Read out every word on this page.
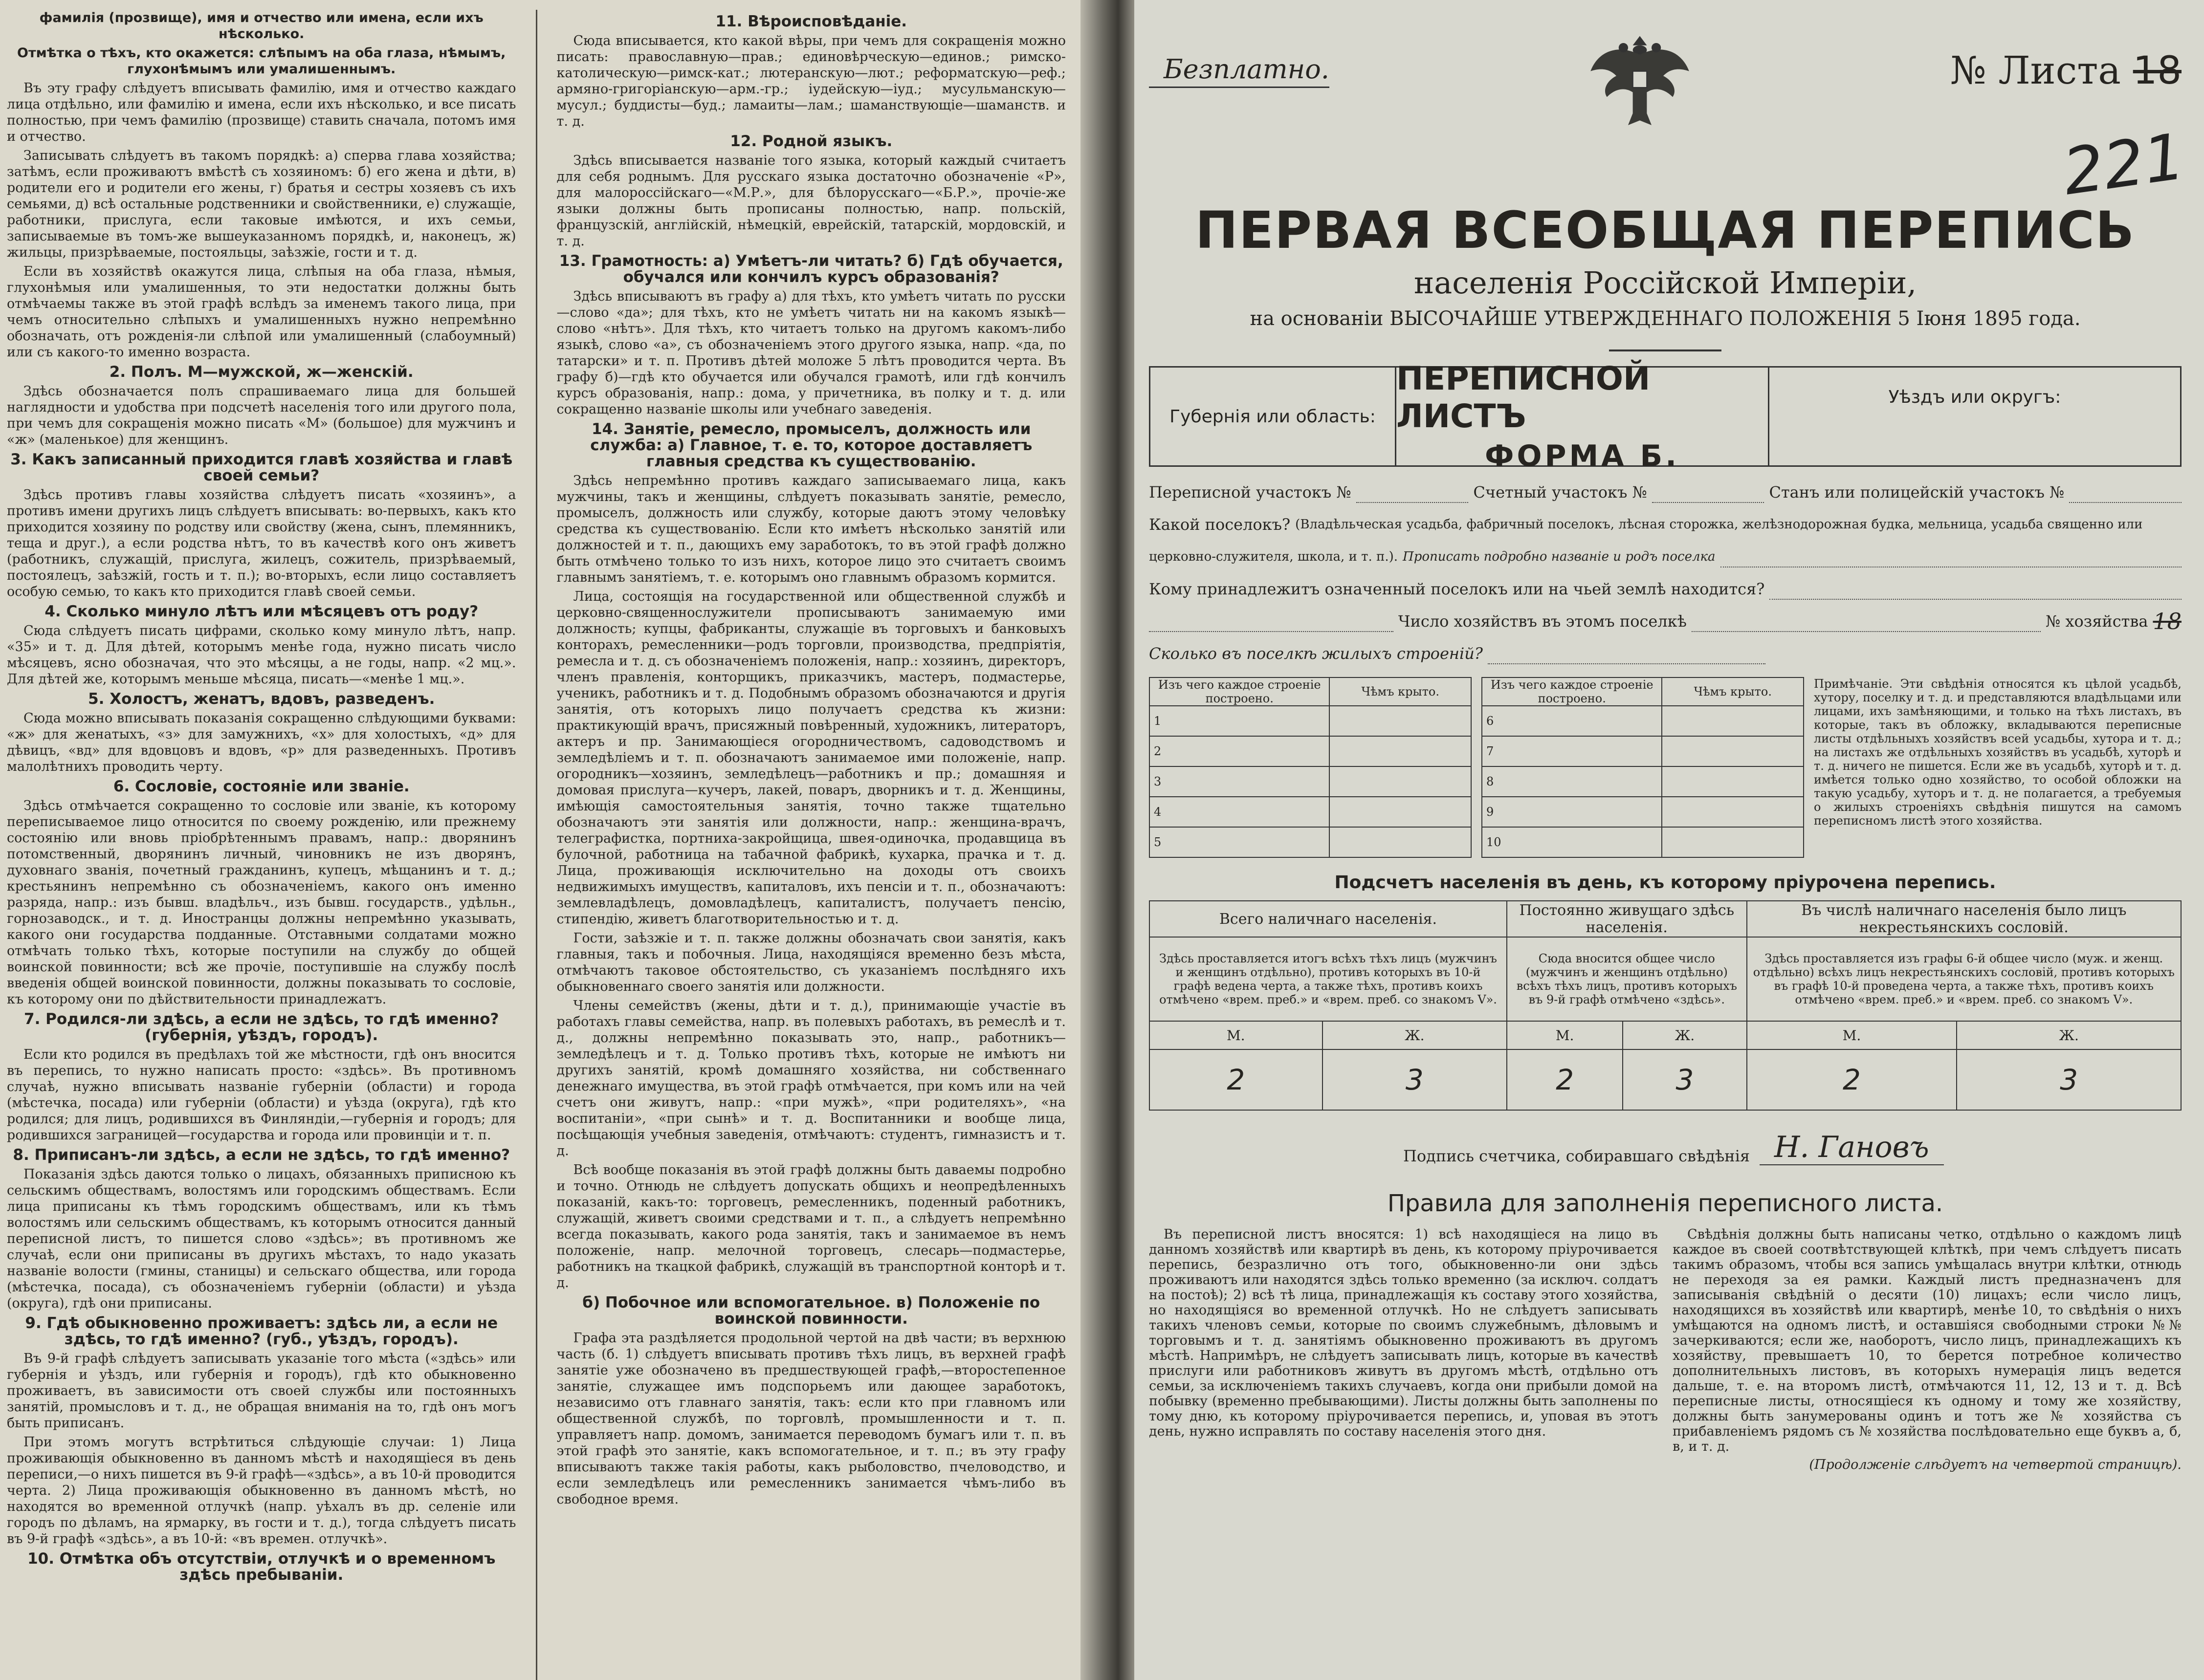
фамилія (прозвище), имя и отчество или имена, если ихъ нѣсколько.

Отмѣтка о тѣхъ, кто окажется: слѣпымъ на оба глаза, нѣмымъ, глухонѣмымъ или умалишеннымъ.

Въ эту графу слѣдуетъ вписывать фамилію, имя и отчество каждаго лица отдѣльно, или фамилію и имена, если ихъ нѣсколько, и все писать полностью, при чемъ фамилію (прозвище) ставить сначала, потомъ имя и отчество.

Записывать слѣдуетъ въ такомъ порядкѣ: a) сперва глава хозяйства; затѣмъ, если проживаютъ вмѣстѣ съ хозяиномъ: б) его жена и дѣти, в) родители его и родители его жены, г) братья и сестры хозяевъ съ ихъ семьями, д) всѣ остальные родственники и свойственники, е) служащіе, работники, прислуга, если таковые имѣются, и ихъ семьи, записываемые въ томъ-же вышеуказанномъ порядкѣ, и, наконецъ, ж) жильцы, призрѣваемые, постояльцы, заѣзжіе, гости и т. д.

Если въ хозяйствѣ окажутся лица, слѣпыя на оба глаза, нѣмыя, глухонѣмыя или умалишенныя, то эти недостатки должны быть отмѣчаемы также въ этой графѣ вслѣдъ за именемъ такого лица, при чемъ относительно слѣпыхъ и умалишенныхъ нужно непремѣнно обозначать, отъ рожденія-ли слѣпой или умалишенный (слабоумный) или съ какого-то именно возраста.

2. Полъ. М—мужской, ж—женскій.

Здѣсь обозначается полъ спрашиваемаго лица для большей наглядности и удобства при подсчетѣ населенія того или другого пола, при чемъ для сокращенія можно писать «М» (большое) для мужчинъ и «ж» (маленькое) для женщинъ.

3. Какъ записанный приходится главѣ хозяйства и главѣ своей семьи?

Здѣсь противъ главы хозяйства слѣдуетъ писать «хозяинъ», а противъ имени другихъ лицъ слѣдуетъ вписывать: во-первыхъ, какъ кто приходится хозяину по родству или свойству (жена, сынъ, племянникъ, теща и друг.), а если родства нѣтъ, то въ качествѣ кого онъ живетъ (работникъ, служащій, прислуга, жилецъ, сожитель, призрѣваемый, постоялецъ, заѣзжій, гость и т. п.); во-вторыхъ, если лицо составляетъ особую семью, то какъ кто приходится главѣ своей семьи.

4. Сколько минуло лѣтъ или мѣсяцевъ отъ роду?

Сюда слѣдуетъ писать цифрами, сколько кому минуло лѣтъ, напр. «35» и т. д. Для дѣтей, которымъ менѣе года, нужно писать число мѣсяцевъ, ясно обозначая, что это мѣсяцы, а не годы, напр. «2 мц.». Для дѣтей же, которымъ меньше мѣсяца, писать—«менѣе 1 мц.».

5. Холостъ, женатъ, вдовъ, разведенъ.

Сюда можно вписывать показанія сокращенно слѣдующими буквами: «ж» для женатыхъ, «з» для замужнихъ, «х» для холостыхъ, «д» для дѣвицъ, «вд» для вдовцовъ и вдовъ, «р» для разведенныхъ. Противъ малолѣтнихъ проводить черту.

6. Сословіе, состояніе или званіе.

Здѣсь отмѣчается сокращенно то сословіе или званіе, къ которому переписываемое лицо относится по своему рожденію, или прежнему состоянію или вновь пріобрѣтеннымъ правамъ, напр.: дворянинъ потомственный, дворянинъ личный, чиновникъ не изъ дворянъ, духовнаго званія, почетный гражданинъ, купецъ, мѣщанинъ и т. д.; крестьянинъ непремѣнно съ обозначеніемъ, какого онъ именно разряда, напр.: изъ бывш. владѣльч., изъ бывш. государств., удѣльн., горнозаводск., и т. д. Иностранцы должны непремѣнно указывать, какого они государства подданные. Отставными солдатами можно отмѣчать только тѣхъ, которые поступили на службу до общей воинской повинности; всѣ же прочіе, поступившіе на службу послѣ введенія общей воинской повинности, должны показывать то сословіе, къ которому они по дѣйствительности принадлежатъ.

7. Родился-ли здѣсь, а если не здѣсь, то гдѣ именно? (губернія, уѣздъ, городъ).

Если кто родился въ предѣлахъ той же мѣстности, гдѣ онъ вносится въ перепись, то нужно написать просто: «здѣсь». Въ противномъ случаѣ, нужно вписывать названіе губерніи (области) и города (мѣстечка, посада) или губерніи (области) и уѣзда (округа), гдѣ кто родился; для лицъ, родившихся въ Финляндіи,—губернія и городъ; для родившихся заграницей—государства и города или провинціи и т. п.

8. Приписанъ-ли здѣсь, а если не здѣсь, то гдѣ именно?

Показанія здѣсь даются только о лицахъ, обязанныхъ приписною къ сельскимъ обществамъ, волостямъ или городскимъ обществамъ. Если лица приписаны къ тѣмъ городскимъ обществамъ, или къ тѣмъ волостямъ или сельскимъ обществамъ, къ которымъ относится данный переписной листъ, то пишется слово «здѣсь»; въ противномъ же случаѣ, если они приписаны въ другихъ мѣстахъ, то надо указать названіе волости (гмины, станицы) и сельскаго общества, или города (мѣстечка, посада), съ обозначеніемъ губерніи (области) и уѣзда (округа), гдѣ они приписаны.

9. Гдѣ обыкновенно проживаетъ: здѣсь ли, а если не здѣсь, то гдѣ именно? (губ., уѣздъ, городъ).

Въ 9-й графѣ слѣдуетъ записывать указаніе того мѣста («здѣсь» или губернія и уѣздъ, или губернія и городъ), гдѣ кто обыкновенно проживаетъ, въ зависимости отъ своей службы или постоянныхъ занятій, промысловъ и т. д., не обращая вниманія на то, гдѣ онъ могъ быть приписанъ.

При этомъ могутъ встрѣтиться слѣдующіе случаи: 1) Лица проживающія обыкновенно въ данномъ мѣстѣ и находящіеся въ день переписи,—о нихъ пишется въ 9-й графѣ—«здѣсь», а въ 10-й проводится черта. 2) Лица проживающія обыкновенно въ данномъ мѣстѣ, но находятся во временной отлучкѣ (напр. уѣхалъ въ др. селеніе или городъ по дѣламъ, на ярмарку, въ гости и т. д.), тогда слѣдуетъ писать въ 9-й графѣ «здѣсь», а въ 10-й: «въ времен. отлучкѣ».

10. Отмѣтка объ отсутствіи, отлучкѣ и о временномъ здѣсь пребываніи.
11. Вѣроисповѣданіе.

Сюда вписывается, кто какой вѣры, при чемъ для сокращенія можно писать: православную—прав.; единовѣрческую—единов.; римско-католическую—римск-кат.; лютеранскую—лют.; реформатскую—реф.; армяно-григоріанскую—арм.-гр.; іудейскую—іуд.; мусульманскую—мусул.; буддисты—буд.; ламаиты—лам.; шаманствующіе—шаманств. и т. д.

12. Родной языкъ.

Здѣсь вписывается названіе того языка, который каждый считаетъ для себя роднымъ. Для русскаго языка достаточно обозначеніе «Р», для малороссійскаго—«М.Р.», для бѣлорусскаго—«Б.Р.», прочіе-же языки должны быть прописаны полностью, напр. польскій, французскій, англійскій, нѣмецкій, еврейскій, татарскій, мордовскій, и т. д.

13. Грамотность: а) Умѣетъ-ли читать? б) Гдѣ обучается, обучался или кончилъ курсъ образованія?

Здѣсь вписываютъ въ графу а) для тѣхъ, кто умѣетъ читать по русски—слово «да»; для тѣхъ, кто не умѣетъ читать ни на какомъ языкѣ—слово «нѣтъ». Для тѣхъ, кто читаетъ только на другомъ какомъ-либо языкѣ, слово «а», съ обозначеніемъ этого другого языка, напр. «да, по татарски» и т. п. Противъ дѣтей моложе 5 лѣтъ проводится черта. Въ графу б)—гдѣ кто обучается или обучался грамотѣ, или гдѣ кончилъ курсъ образованія, напр.: дома, у причетника, въ полку и т. д. или сокращенно названіе школы или учебнаго заведенія.

14. Занятіе, ремесло, промыселъ, должность или служба: а) Главное, т. е. то, которое доставляетъ главныя средства къ существованію.

Здѣсь непремѣнно противъ каждаго записываемаго лица, какъ мужчины, такъ и женщины, слѣдуетъ показывать занятіе, ремесло, промыселъ, должность или службу, которые даютъ этому человѣку средства къ существованію. Если кто имѣетъ нѣсколько занятій или должностей и т. п., дающихъ ему заработокъ, то въ этой графѣ должно быть отмѣчено только то изъ нихъ, которое лицо это считаетъ своимъ главнымъ занятіемъ, т. е. которымъ оно главнымъ образомъ кормится.

Лица, состоящія на государственной или общественной службѣ и церковно-священнослужители прописываютъ занимаемую ими должность; купцы, фабриканты, служащіе въ торговыхъ и банковыхъ конторахъ, ремесленники—родъ торговли, производства, предпріятія, ремесла и т. д. съ обозначеніемъ положенія, напр.: хозяинъ, директоръ, членъ правленія, конторщикъ, приказчикъ, мастеръ, подмастерье, ученикъ, работникъ и т. д. Подобнымъ образомъ обозначаются и другія занятія, отъ которыхъ лицо получаетъ средства къ жизни: практикующій врачъ, присяжный повѣренный, художникъ, литераторъ, актеръ и пр. Занимающіеся огородничествомъ, садоводствомъ и земледѣліемъ и т. п. обозначаютъ занимаемое ими положеніе, напр. огородникъ—хозяинъ, земледѣлецъ—работникъ и пр.; домашняя и домовая прислуга—кучеръ, лакей, поваръ, дворникъ и т. д. Женщины, имѣющія самостоятельныя занятія, точно также тщательно обозначаютъ эти занятія или должности, напр.: женщина-врачъ, телеграфистка, портниха-закройщица, швея-одиночка, продавщица въ булочной, работница на табачной фабрикѣ, кухарка, прачка и т. д. Лица, проживающія исключительно на доходы отъ своихъ недвижимыхъ имуществъ, капиталовъ, ихъ пенсіи и т. п., обозначаютъ: землевладѣлецъ, домовладѣлецъ, капиталистъ, получаетъ пенсію, стипендію, живетъ благотворительностью и т. д.

Гости, заѣзжіе и т. п. также должны обозначать свои занятія, какъ главныя, такъ и побочныя. Лица, находящіяся временно безъ мѣста, отмѣчаютъ таковое обстоятельство, съ указаніемъ послѣдняго ихъ обыкновеннаго своего занятія или должности.

Члены семействъ (жены, дѣти и т. д.), принимающіе участіе въ работахъ главы семейства, напр. въ полевыхъ работахъ, въ ремеслѣ и т. д., должны непремѣнно показывать это, напр., работникъ—земледѣлецъ и т. д. Только противъ тѣхъ, которые не имѣютъ ни другихъ занятій, кромѣ домашняго хозяйства, ни собственнаго денежнаго имущества, въ этой графѣ отмѣчается, при комъ или на чей счетъ они живутъ, напр.: «при мужѣ», «при родителяхъ», «на воспитаніи», «при сынѣ» и т. д. Воспитанники и вообще лица, посѣщающія учебныя заведенія, отмѣчаютъ: студентъ, гимназистъ и т. д.

Всѣ вообще показанія въ этой графѣ должны быть даваемы подробно и точно. Отнюдь не слѣдуетъ допускать общихъ и неопредѣленныхъ показаній, какъ-то: торговецъ, ремесленникъ, поденный работникъ, служащій, живетъ своими средствами и т. п., а слѣдуетъ непремѣнно всегда показывать, какого рода занятія, такъ и занимаемое въ немъ положеніе, напр. мелочной торговецъ, слесарь—подмастерье, работникъ на ткацкой фабрикѣ, служащій въ транспортной конторѣ и т. д.

б) Побочное или вспомогательное. в) Положеніе по воинской повинности.

Графа эта раздѣляется продольной чертой на двѣ части; въ верхнюю часть (б. 1) слѣдуетъ вписывать противъ тѣхъ лицъ, въ верхней графѣ занятіе уже обозначено въ предшествующей графѣ,—второстепенное занятіе, служащее имъ подспорьемъ или дающее заработокъ, независимо отъ главнаго занятія, такъ: если кто при главномъ или общественной службѣ, по торговлѣ, промышленности и т. п. управляетъ напр. домомъ, занимается переводомъ бумагъ или т. п. въ этой графѣ это занятіе, какъ вспомогательное, и т. п.; въ эту графу вписываютъ также такія работы, какъ рыболовство, пчеловодство, и если земледѣлецъ или ремесленникъ занимается чѣмъ-либо въ свободное время.

221
Безплатно.	№ Листа 18
ПЕРВАЯ ВСЕОБЩАЯ ПЕРЕПИСЬ

населенія Россійской Имперіи,

на основаніи ВЫСОЧАЙШЕ УТВЕРЖДЕННАГО ПОЛОЖЕНІЯ 5 Іюня 1895 года.

Губернія или область:
ПЕРЕПИСНОЙ ЛИСТЪ
ФОРМА Б.
Уѣздъ или округъ:
Переписной участокъ №	Счетный участокъ №	Станъ или полицейскій участокъ №
Какой поселокъ? (Владѣльческая усадьба, фабричный поселокъ, лѣсная сторожка, желѣзнодорожная будка, мельница, усадьба священно или
церковно-служителя, школа, и т. п.). Прописать подробно названіе и родъ поселка
Кому принадлежитъ означенный поселокъ или на чьей землѣ находится?
Число хозяйствъ въ этомъ поселкѣ	№ хозяйства 18
Сколько въ поселкѣ жилыхъ строеній?
Изъ чего каждое строеніе построено.	Чѣмъ крыто.
1	
2	
3	
4	
5	
Изъ чего каждое строеніе построено.	Чѣмъ крыто.
6	
7	
8	
9	
10	
Примѣчаніе. Эти свѣдѣнія относятся къ цѣлой усадьбѣ, хутору, поселку и т. д. и представляются владѣльцами или лицами, ихъ замѣняющими, и только на тѣхъ листахъ, въ которые, такъ въ обложку, вкладываются переписные листы отдѣльныхъ хозяйствъ всей усадьбы, хутора и т. д.; на листахъ же отдѣльныхъ хозяйствъ въ усадьбѣ, хуторѣ и т. д. ничего не пишется. Если же въ усадьбѣ, хуторѣ и т. д. имѣется только одно хозяйство, то особой обложки на такую усадьбу, хуторъ и т. д. не полагается, а требуемыя о жилыхъ строеніяхъ свѣдѣнія пишутся на самомъ переписномъ листѣ этого хозяйства.
Подсчетъ населенія въ день, къ которому пріурочена перепись.
Всего наличнаго населенія.		Постоянно живущаго здѣсь населенія.		Въ числѣ наличнаго населенія было лицъ некрестьянскихъ сословій.	
Здѣсь проставляется итогъ всѣхъ тѣхъ лицъ (мужчинъ и женщинъ отдѣльно), противъ которыхъ въ 10-й графѣ ведена черта, а также тѣхъ, противъ коихъ отмѣчено «врем. преб.» и «врем. преб. со знакомъ V».		Сюда вносится общее число (мужчинъ и женщинъ отдѣльно) всѣхъ тѣхъ лицъ, противъ которыхъ въ 9-й графѣ отмѣчено «здѣсь».		Здѣсь проставляется изъ графы 6-й общее число (муж. и женщ. отдѣльно) всѣхъ лицъ некрестьянскихъ сословій, противъ которыхъ въ графѣ 10-й проведена черта, а также тѣхъ, противъ коихъ отмѣчено «врем. преб.» и «врем. преб. со знакомъ V».	
М.	Ж.	М.	Ж.	М.	Ж.
2	3	2	3	2	3
Подпись счетчика, собиравшаго свѣдѣнія Н. Гановъ
Правила для заполненія переписного листа.

Въ переписной листъ вносятся: 1) всѣ находящіеся на лицо въ данномъ хозяйствѣ или квартирѣ въ день, къ которому пріурочивается перепись, безразлично отъ того, обыкновенно-ли они здѣсь проживаютъ или находятся здѣсь только временно (за исключ. солдатъ на постоѣ); 2) всѣ тѣ лица, принадлежащія къ составу этого хозяйства, но находящіяся во временной отлучкѣ. Но не слѣдуетъ записывать такихъ членовъ семьи, которые по своимъ служебнымъ, дѣловымъ и торговымъ и т. д. занятіямъ обыкновенно проживаютъ въ другомъ мѣстѣ. Напримѣръ, не слѣдуетъ записывать лицъ, которые въ качествѣ прислуги или работниковъ живутъ въ другомъ мѣстѣ, отдѣльно отъ семьи, за исключеніемъ такихъ случаевъ, когда они прибыли домой на побывку (временно пребывающими). Листы должны быть заполнены по тому дню, къ которому пріурочивается перепись, и, уповая въ этотъ день, нужно исправлять по составу населенія этого дня.

Свѣдѣнія должны быть написаны четко, отдѣльно о каждомъ лицѣ каждое въ своей соотвѣтствующей клѣткѣ, при чемъ слѣдуетъ писать такимъ образомъ, чтобы вся запись умѣщалась внутри клѣтки, отнюдь не переходя за ея рамки. Каждый листъ предназначенъ для записыванія свѣдѣній о десяти (10) лицахъ; если число лицъ, находящихся въ хозяйствѣ или квартирѣ, менѣе 10, то свѣдѣнія о нихъ умѣщаются на одномъ листѣ, и оставшіяся свободными строки №№ зачеркиваются; если же, наоборотъ, число лицъ, принадлежащихъ къ хозяйству, превышаетъ 10, то берется потребное количество дополнительныхъ листовъ, въ которыхъ нумерація лицъ ведется дальше, т. е. на второмъ листѣ, отмѣчаются 11, 12, 13 и т. д. Всѣ переписные листы, относящіеся къ одному и тому же хозяйству, должны быть занумерованы одинъ и тотъ же № хозяйства съ прибавленіемъ рядомъ съ № хозяйства послѣдовательно еще буквъ а, б, в, и т. д.

(Продолженіе слѣдуетъ на четвертой страницѣ).
